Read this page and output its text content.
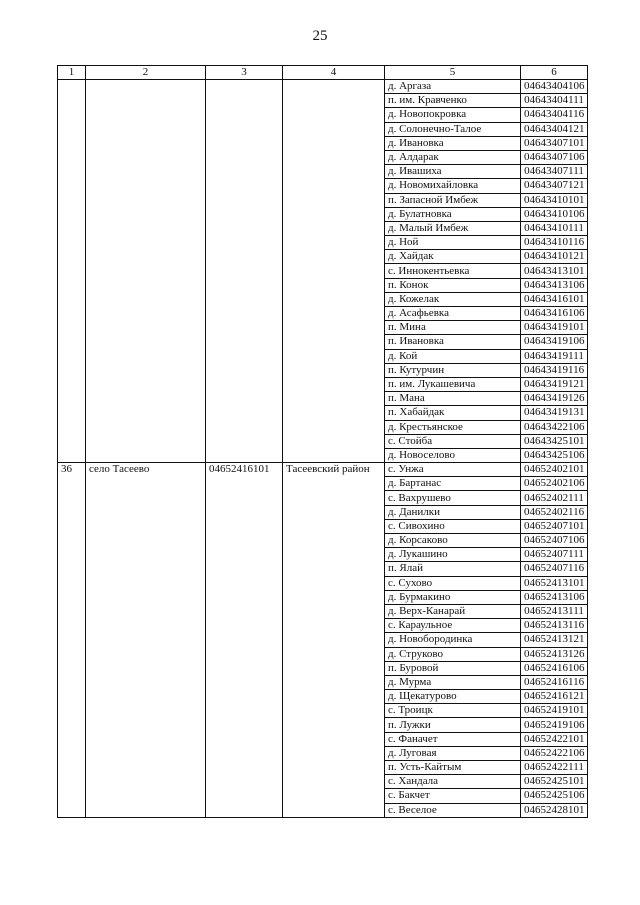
25
1	2	3	4	5	6
				д. Аргаза	04643404106
				п. им. Кравченко	04643404111
				д. Новопокровка	04643404116
				д. Солонечно-Талое	04643404121
				д. Ивановка	04643407101
				д. Алдарак	04643407106
				д. Ивашиха	04643407111
				д. Новомихайловка	04643407121
				п. Запасной Имбеж	04643410101
				д. Булатновка	04643410106
				д. Малый Имбеж	04643410111
				д. Ной	04643410116
				д. Хайдак	04643410121
				с. Иннокентьевка	04643413101
				п. Конок	04643413106
				д. Кожелак	04643416101
				д. Асафьевка	04643416106
				п. Мина	04643419101
				п. Ивановка	04643419106
				д. Кой	04643419111
				п. Кутурчин	04643419116
				п. им. Лукашевича	04643419121
				п. Мана	04643419126
				п. Хабайдак	04643419131
				д. Крестьянское	04643422106
				с. Стойба	04643425101
				д. Новоселово	04643425106
36	село Тасеево	04652416101	Тасеевский район	с. Унжа	04652402101
				д. Бартанас	04652402106
				с. Вахрушево	04652402111
				д. Данилки	04652402116
				с. Сивохино	04652407101
				д. Корсаково	04652407106
				д. Лукашино	04652407111
				п. Ялай	04652407116
				с. Сухово	04652413101
				д. Бурмакино	04652413106
				д. Верх-Канарай	04652413111
				с. Караульное	04652413116
				д. Новобородинка	04652413121
				д. Струково	04652413126
				п. Буровой	04652416106
				д. Мурма	04652416116
				д. Щекатурово	04652416121
				с. Троицк	04652419101
				п. Лужки	04652419106
				с. Фаначет	04652422101
				д. Луговая	04652422106
				п. Усть-Кайтым	04652422111
				с. Хандала	04652425101
				с. Бакчет	04652425106
				с. Веселое	04652428101
